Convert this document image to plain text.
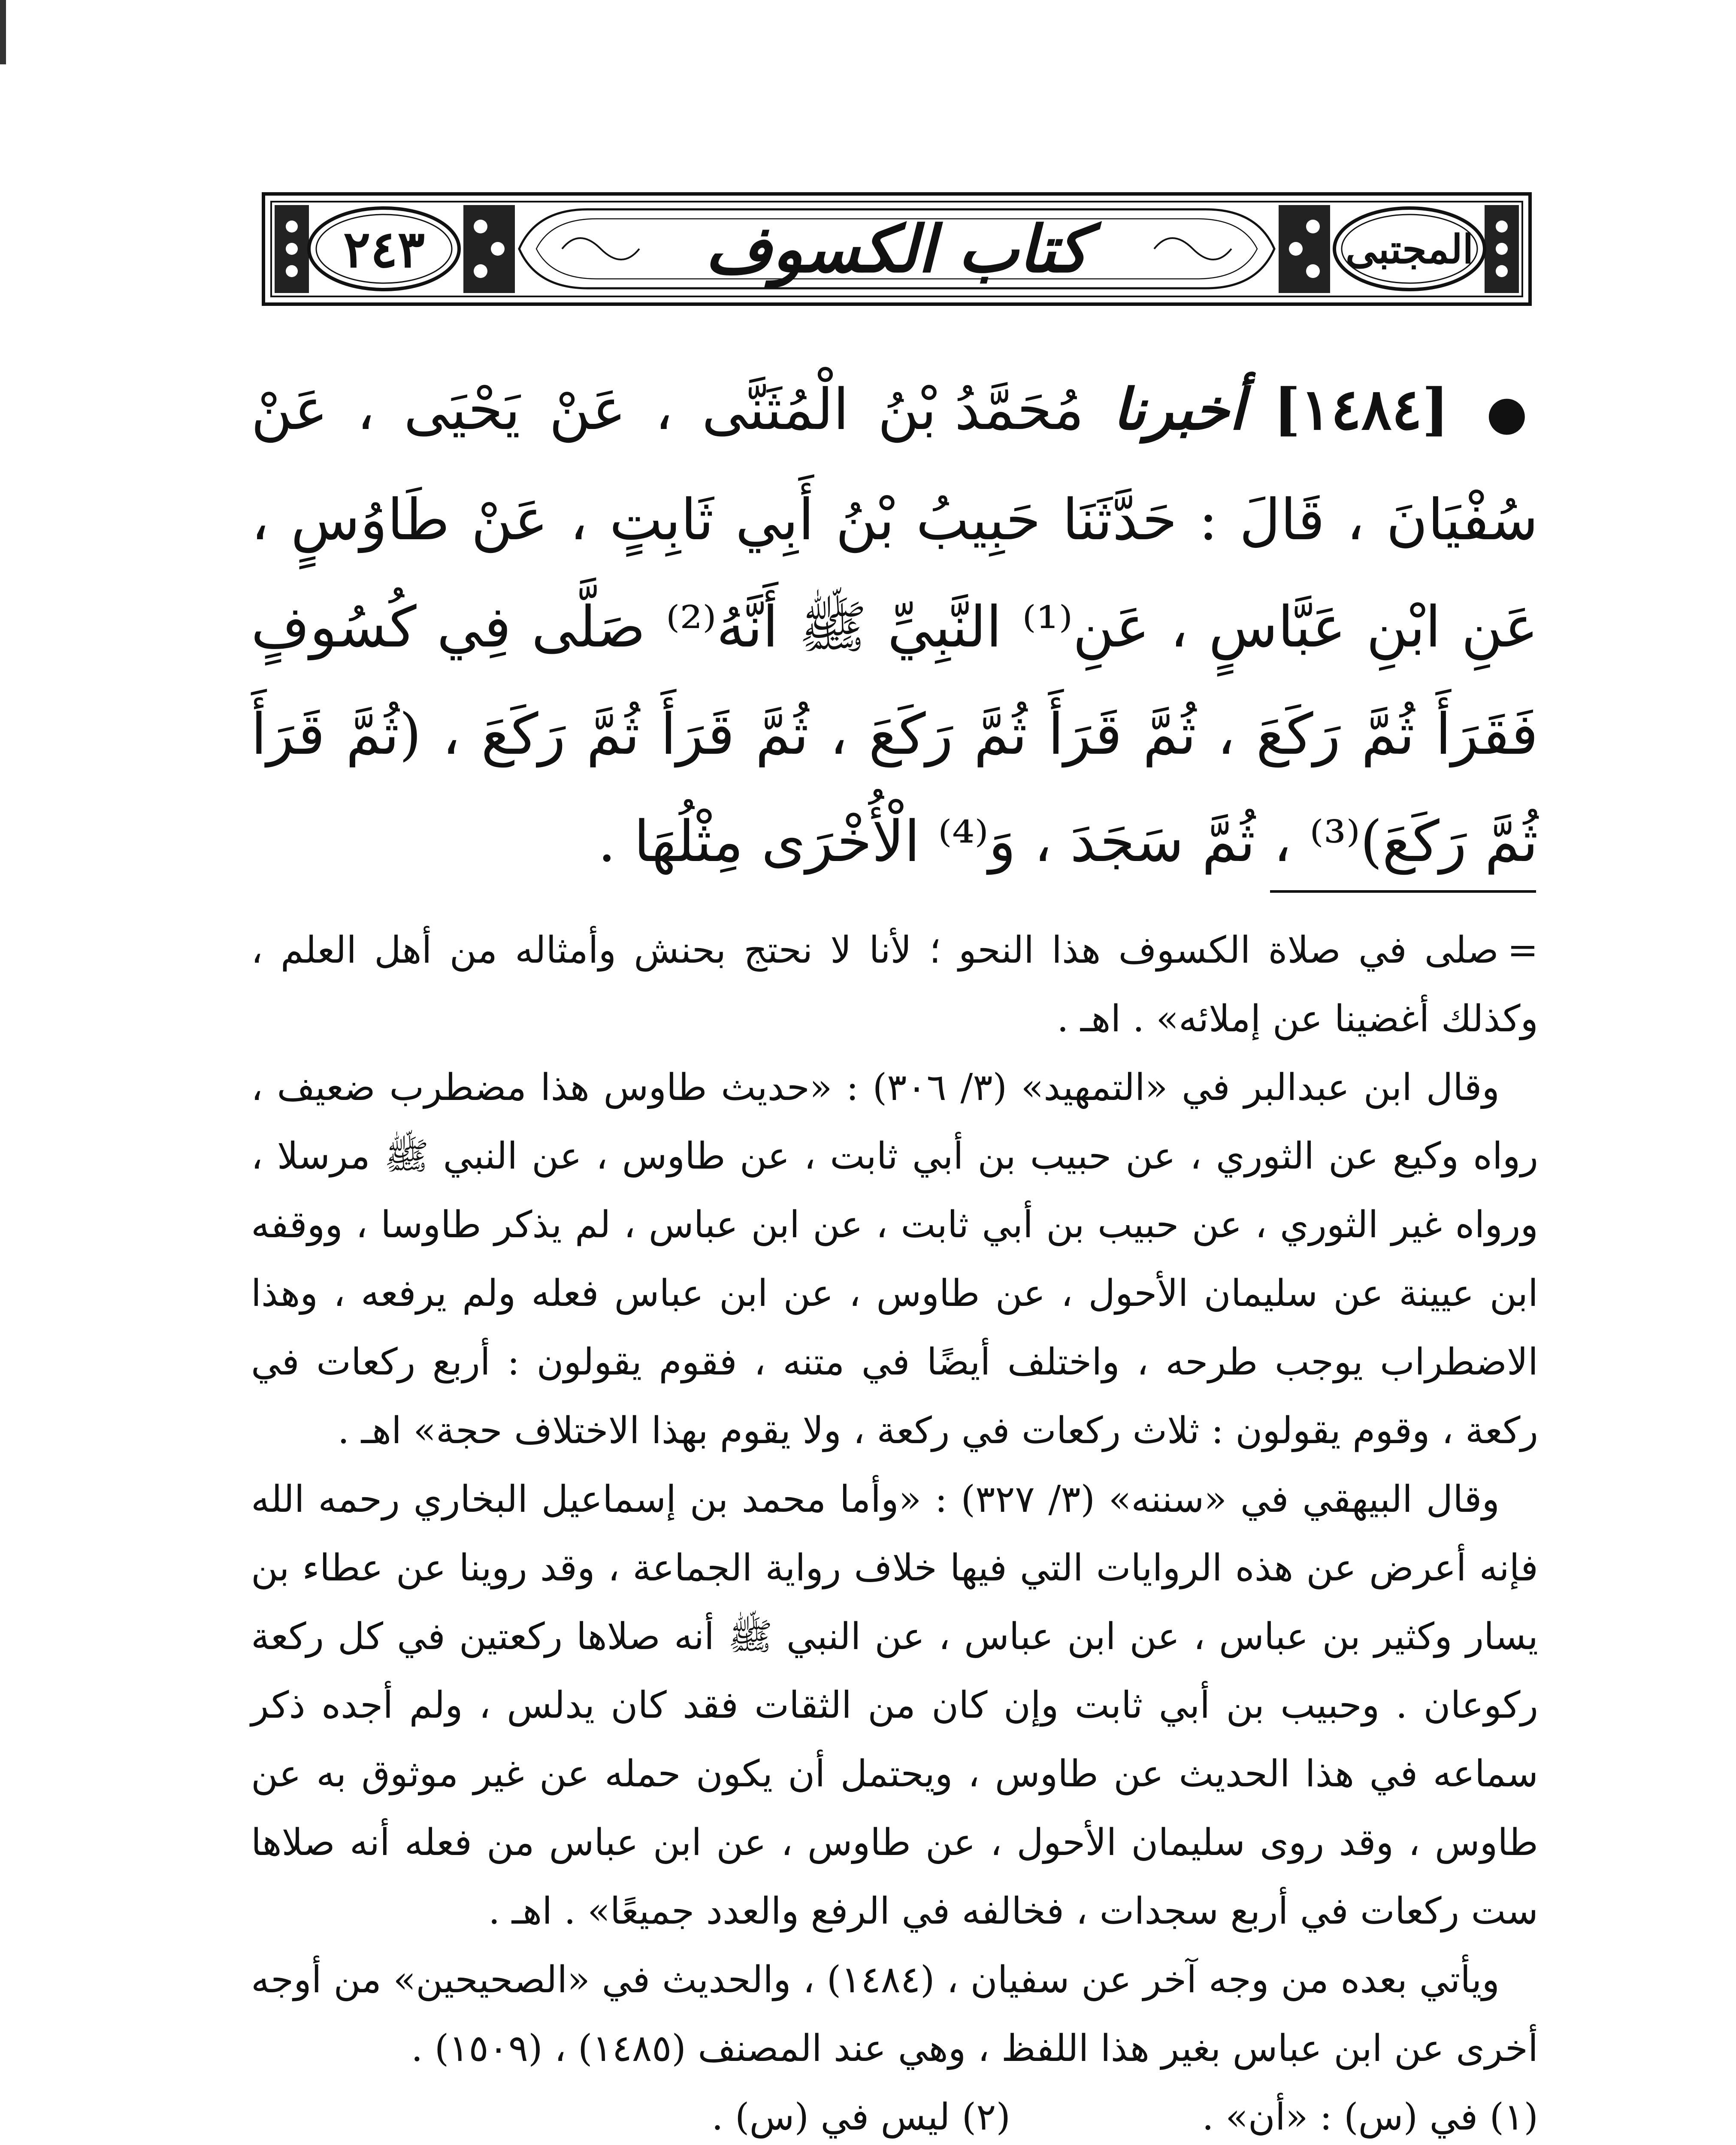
٢٤٣	كتاب الكسوف	المجتبى
● [١٤٨٤] أخبرنا مُحَمَّدُ بْنُ الْمُثَنَّى ، عَنْ يَحْيَى ، عَنْ سُفْيَانَ ، قَالَ : حَدَّثَنَا حَبِيبُ بْنُ أَبِي ثَابِتٍ ، عَنْ طَاوُسٍ ، عَنِ ابْنِ عَبَّاسٍ ، عَنِ⁽¹⁾ النَّبِيِّ ﷺ أَنَّهُ⁽²⁾ صَلَّى فِي كُسُوفٍ فَقَرَأَ ثُمَّ رَكَعَ ، ثُمَّ قَرَأَ ثُمَّ رَكَعَ ، ثُمَّ قَرَأَ ثُمَّ رَكَعَ ، (ثُمَّ قَرَأَ ثُمَّ رَكَعَ)⁽³⁾ ، ثُمَّ سَجَدَ ، وَ⁽⁴⁾ الْأُخْرَى مِثْلُهَا .

=صلى في صلاة الكسوف هذا النحو ؛ لأنا لا نحتج بحنش وأمثاله من أهل العلم ، وكذلك أغضينا عن إملائه» . اهـ .

وقال ابن عبدالبر في «التمهيد» (٣/ ٣٠٦) : «حديث طاوس هذا مضطرب ضعيف ، رواه وكيع عن الثوري ، عن حبيب بن أبي ثابت ، عن طاوس ، عن النبي ﷺ مرسلا ، ورواه غير الثوري ، عن حبيب بن أبي ثابت ، عن ابن عباس ، لم يذكر طاوسا ، ووقفه ابن عيينة عن سليمان الأحول ، عن طاوس ، عن ابن عباس فعله ولم يرفعه ، وهذا الاضطراب يوجب طرحه ، واختلف أيضًا في متنه ، فقوم يقولون : أربع ركعات في ركعة ، وقوم يقولون : ثلاث ركعات في ركعة ، ولا يقوم بهذا الاختلاف حجة» اهـ .

وقال البيهقي في «سننه» (٣/ ٣٢٧) : «وأما محمد بن إسماعيل البخاري رحمه الله فإنه أعرض عن هذه الروايات التي فيها خلاف رواية الجماعة ، وقد روينا عن عطاء بن يسار وكثير بن عباس ، عن ابن عباس ، عن النبي ﷺ أنه صلاها ركعتين في كل ركعة ركوعان . وحبيب بن أبي ثابت وإن كان من الثقات فقد كان يدلس ، ولم أجده ذكر سماعه في هذا الحديث عن طاوس ، ويحتمل أن يكون حمله عن غير موثوق به عن طاوس ، وقد روى سليمان الأحول ، عن طاوس ، عن ابن عباس من فعله أنه صلاها ست ركعات في أربع سجدات ، فخالفه في الرفع والعدد جميعًا» . اهـ .

ويأتي بعده من وجه آخر عن سفيان ، (١٤٨٤) ، والحديث في «الصحيحين» من أوجه أخرى عن ابن عباس بغير هذا اللفظ ، وهي عند المصنف (١٤٨٥) ، (١٥٠٩) .

(١) في (س) : «أن» .
(٢) ليس في (س) .
